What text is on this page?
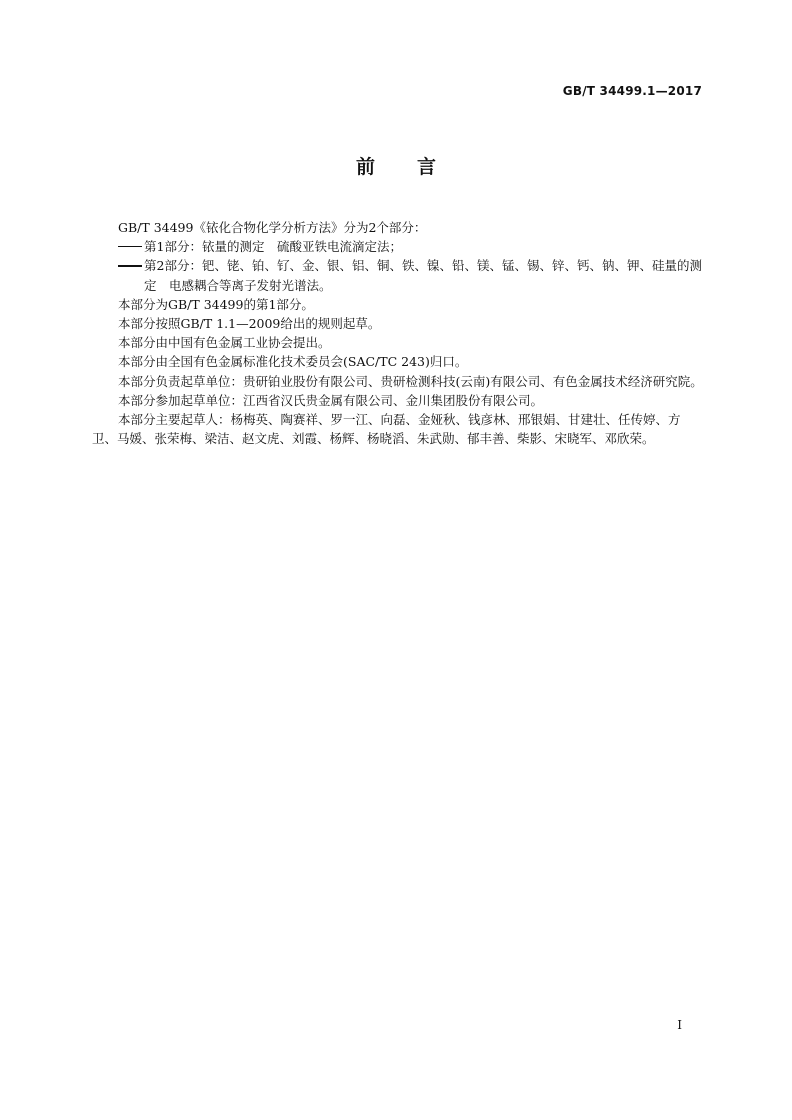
GB/T 34499.1—2017
前言

GB/T 34499《铱化合物化学分析方法》分为2个部分：

第1部分：铱量的测定　硫酸亚铁电流滴定法；

第2部分：钯、铑、铂、钌、金、银、铝、铜、铁、镍、铅、镁、锰、锡、锌、钙、钠、钾、硅量的测定　电感耦合等离子发射光谱法。

本部分为GB/T 34499的第1部分。

本部分按照GB/T 1.1—2009给出的规则起草。

本部分由中国有色金属工业协会提出。

本部分由全国有色金属标准化技术委员会(SAC/TC 243)归口。

本部分负责起草单位：贵研铂业股份有限公司、贵研检测科技(云南)有限公司、有色金属技术经济研究院。

本部分参加起草单位：江西省汉氏贵金属有限公司、金川集团股份有限公司。

本部分主要起草人：杨梅英、陶赛祥、罗一江、向磊、金娅秋、钱彦林、邢银娟、甘建壮、任传婷、方卫、马媛、张荣梅、梁洁、赵文虎、刘霞、杨辉、杨晓滔、朱武勋、郁丰善、柴影、宋晓军、邓欣荣。

I
